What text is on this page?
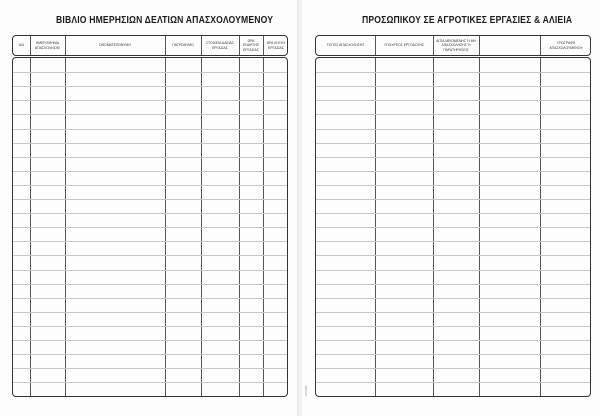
ΒΙΒΛΙΟ ΗΜΕΡΗΣΙΩΝ ΔΕΛΤΙΩΝ ΑΠΑΣΧΟΛΟΥΜΕΝΟΥ
Α/Α
ΗΜΕΡΟΜΗΝΙΑ ΑΠΑΣΧΟΛΗΣΗΣ
ΟΝΟΜΑΤΕΠΩΝΥΜΟ	ΠΑΤΡΩΝΥΜΟ
ΣΤΟΙΧΕΙΑ ΑΔΕΙΑΣ ΕΡΓΑΣΙΑΣ
ΩΡΑ ΕΝΑΡΞΗΣ ΕΡΓΑΣΙΑΣ
ΩΡΑ ΛΗΞΗΣ ΕΡΓΑΣΙΑΣ
ΠΡΟΣΩΠΙΚΟΥ ΣΕ ΑΓΡΟΤΙΚΕΣ ΕΡΓΑΣΙΕΣ & ΑΛΙΕΙΑ
ΤΟΠΟΣ ΑΠΑΣΧΟΛΗΣΗΣ	ΥΠΟΧΡΕΟΣ ΕΡΓΟΔΟΤΗΣ
ΑΙΤΙΑ ΜΕΙΩΜΕΝΗΣ Ή ΜΗ ΑΠΑΣΧΟΛΗΣΗΣ Ή ΠΑΡΑΤΗΡΗΣΕΙΣ
ΥΠΟΓΡΑΦΗ ΑΠΑΣΧΟΛΟΥΜΕΝΟΥ
ΣΤΙΛΒΟ
